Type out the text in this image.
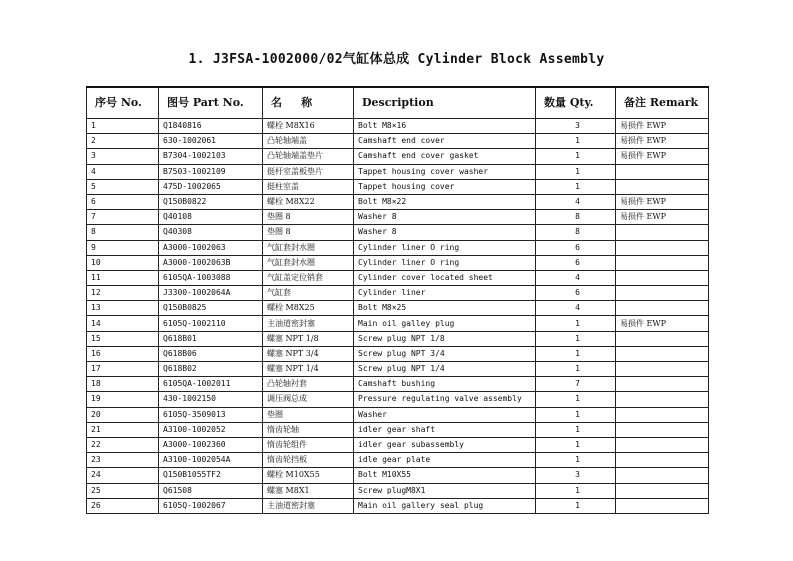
1. J3FSA-1002000/02气缸体总成 Cylinder Block Assembly
序号 No.	图号 Part No.	名     称	Description	数量 Qty.	备注 Remark
1	Q1840816	螺栓 M8X16	Bolt M8×16	3	易损件 EWP
2	630-1002061	凸轮轴端盖	Camshaft end cover	1	易损件 EWP
3	B7304-1002103	凸轮轴端盖垫片	Camshaft end cover gasket	1	易损件 EWP
4	B7503-1002109	挺杆室盖板垫片	Tappet housing cover washer	1	
5	475D-1002065	挺柱室盖	Tappet housing cover	1	
6	Q150B0822	螺栓 M8X22	Bolt M8×22	4	易损件 EWP
7	Q40108	垫圈 8	Washer 8	8	易损件 EWP
8	Q40308	垫圈 8	Washer 8	8	
9	A3000-1002063	气缸套封水圈	Cylinder liner O ring	6	
10	A3000-1002063B	气缸套封水圈	Cylinder liner O ring	6	
11	6105QA-1003088	气缸盖定位销套	Cylinder cover located sheet	4	
12	J3300-1002064A	气缸套	Cylinder liner	6	
13	Q150B0825	螺栓 M8X25	Bolt M8×25	4	
14	6105Q-1002110	主油道密封塞	Main oil galley plug	1	易损件 EWP
15	Q618B01	螺塞 NPT 1/8	Screw plug NPT 1/8	1	
16	Q618B06	螺塞 NPT 3/4	Screw plug NPT 3/4	1	
17	Q618B02	螺塞 NPT 1/4	Screw plug NPT 1/4	1	
18	6105QA-1002011	凸轮轴衬套	Camshaft bushing	7	
19	430-1002150	调压阀总成	Pressure regulating valve assembly	1	
20	6105Q-3509013	垫圈	Washer	1	
21	A3100-1002052	惰齿轮轴	idler gear shaft	1	
22	A3000-1002360	惰齿轮组件	idler gear subassembly	1	
23	A3100-1002054A	惰齿轮挡板	idle gear plate	1	
24	Q150B1055TF2	螺栓 M10X55	Bolt M10X55	3	
25	Q61508	螺塞 M8X1	Screw plugM8X1	1	
26	6105Q-1002067	主油道密封塞	Main oil gallery seal plug	1	
